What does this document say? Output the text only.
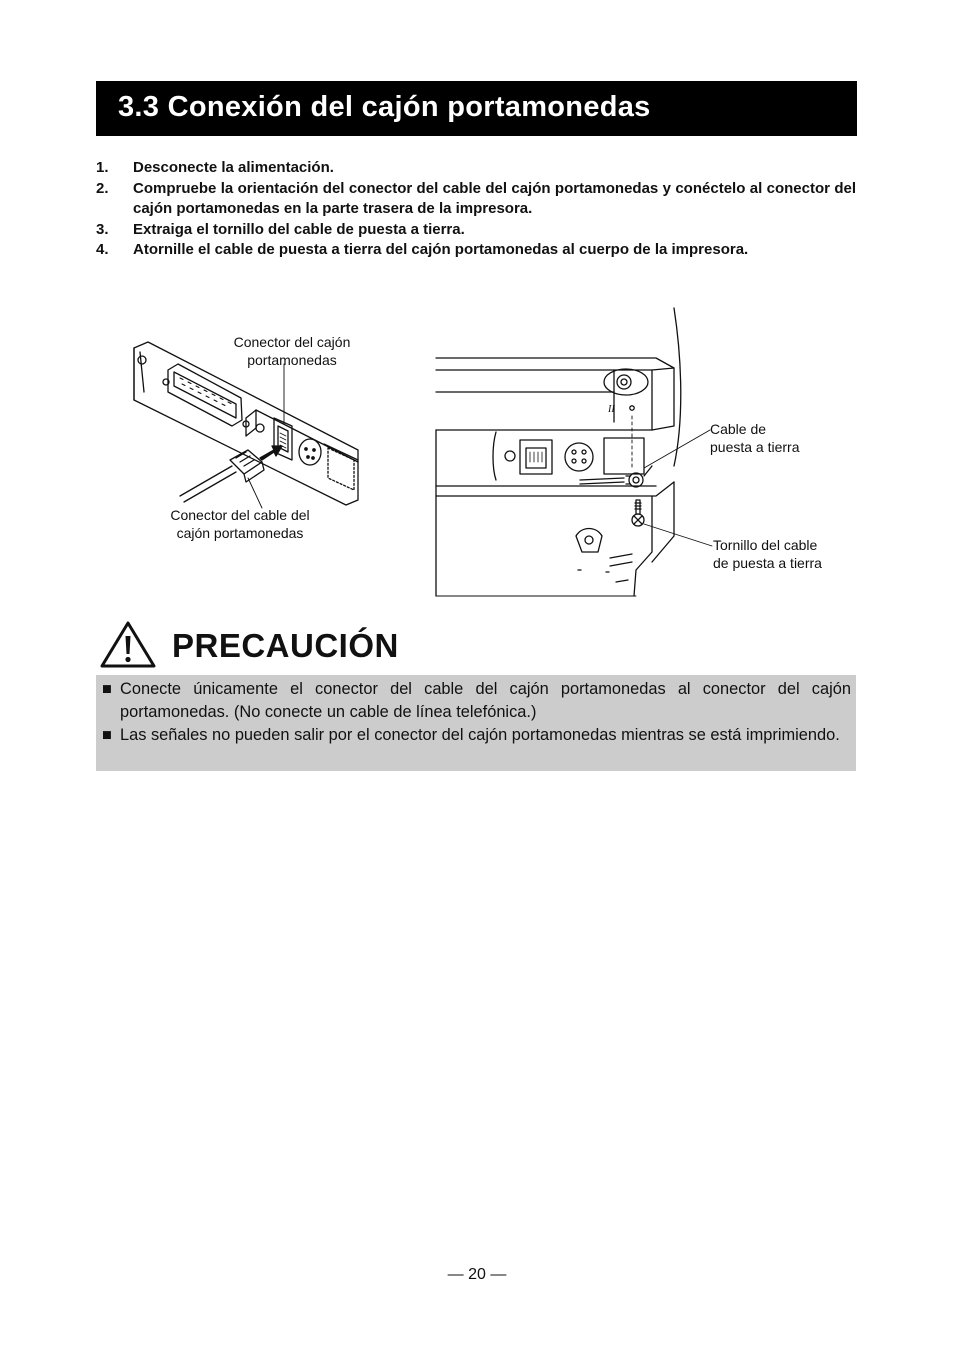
3.3 Conexión del cajón portamonedas
1. Desconecte la alimentación.
2. Compruebe la orientación del conector del cable del cajón portamonedas y conéctelo al conector del cajón portamonedas en la parte trasera de la impresora.
3. Extraiga el tornillo del cable de puesta a tierra.
4. Atornille el cable de puesta a tierra del cajón portamonedas al cuerpo de la impresora.
II
Conector del cajón
portamonedas
Conector del cable del
cajón portamonedas
Cable de
puesta a tierra
Tornillo del cable
de puesta a tierra
PRECAUCIÓN

■ Conecte únicamente el conector del cable del cajón portamonedas al conector del cajón portamonedas. (No conecte un cable de línea telefónica.)

■ Las señales no pueden salir por el conector del cajón portamonedas mientras se está imprimiendo.

— 20 —
